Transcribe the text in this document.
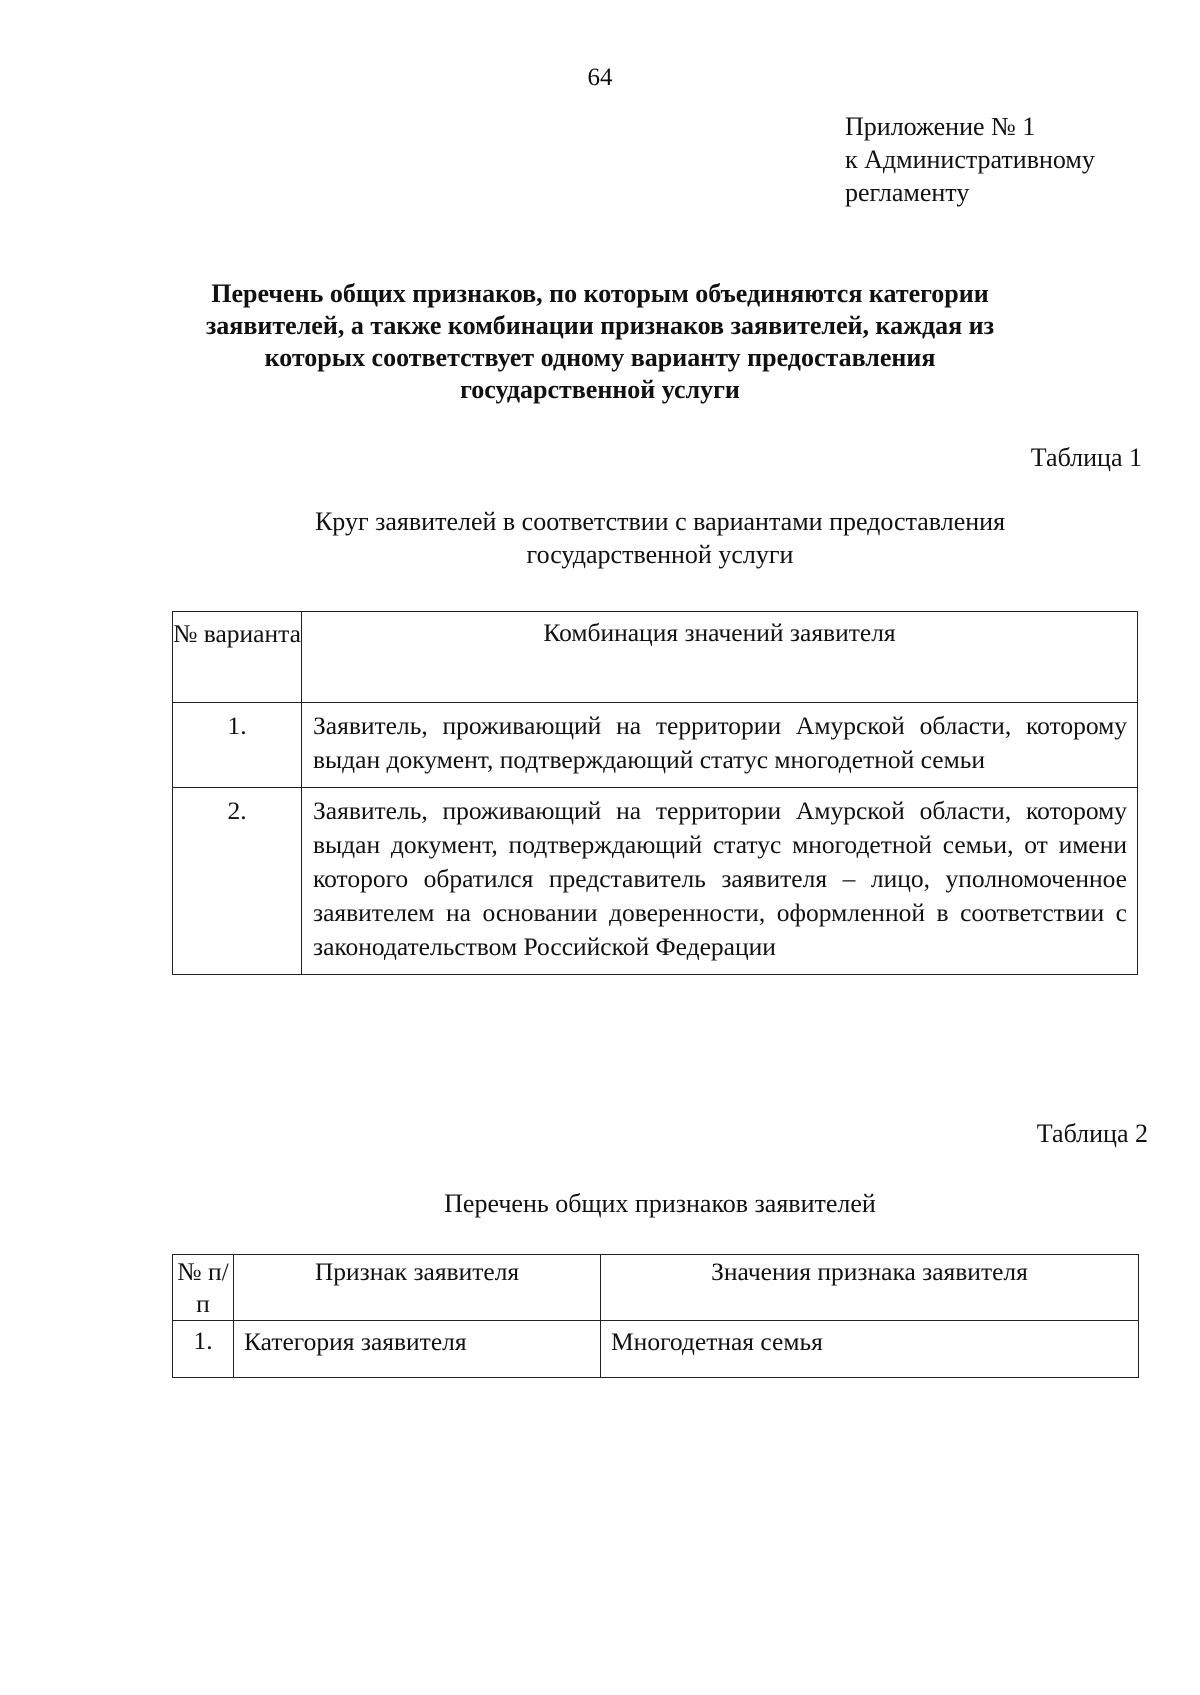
64
Приложение № 1
к Административному
регламенту
Перечень общих признаков, по которым объединяются категории
заявителей, а также комбинации признаков заявителей, каждая из
которых соответствует одному варианту предоставления
государственной услуги
Таблица 1
Круг заявителей в соответствии с вариантами предоставления
государственной услуги
№ варианта	Комбинация значений заявителя
1.	Заявитель, проживающий на территории Амурской области, которому выдан документ, подтверждающий статус многодетной семьи
2.	Заявитель, проживающий на территории Амурской области, которому выдан документ, подтверждающий статус многодетной семьи, от имени которого обратился представитель заявителя – лицо, уполномоченное заявителем на основании доверенности, оформленной в соответствии с законодательством Российской Федерации
Таблица 2
Перечень общих признаков заявителей
№ п/п	Признак заявителя	Значения признака заявителя
1.	Категория заявителя	Многодетная семья
